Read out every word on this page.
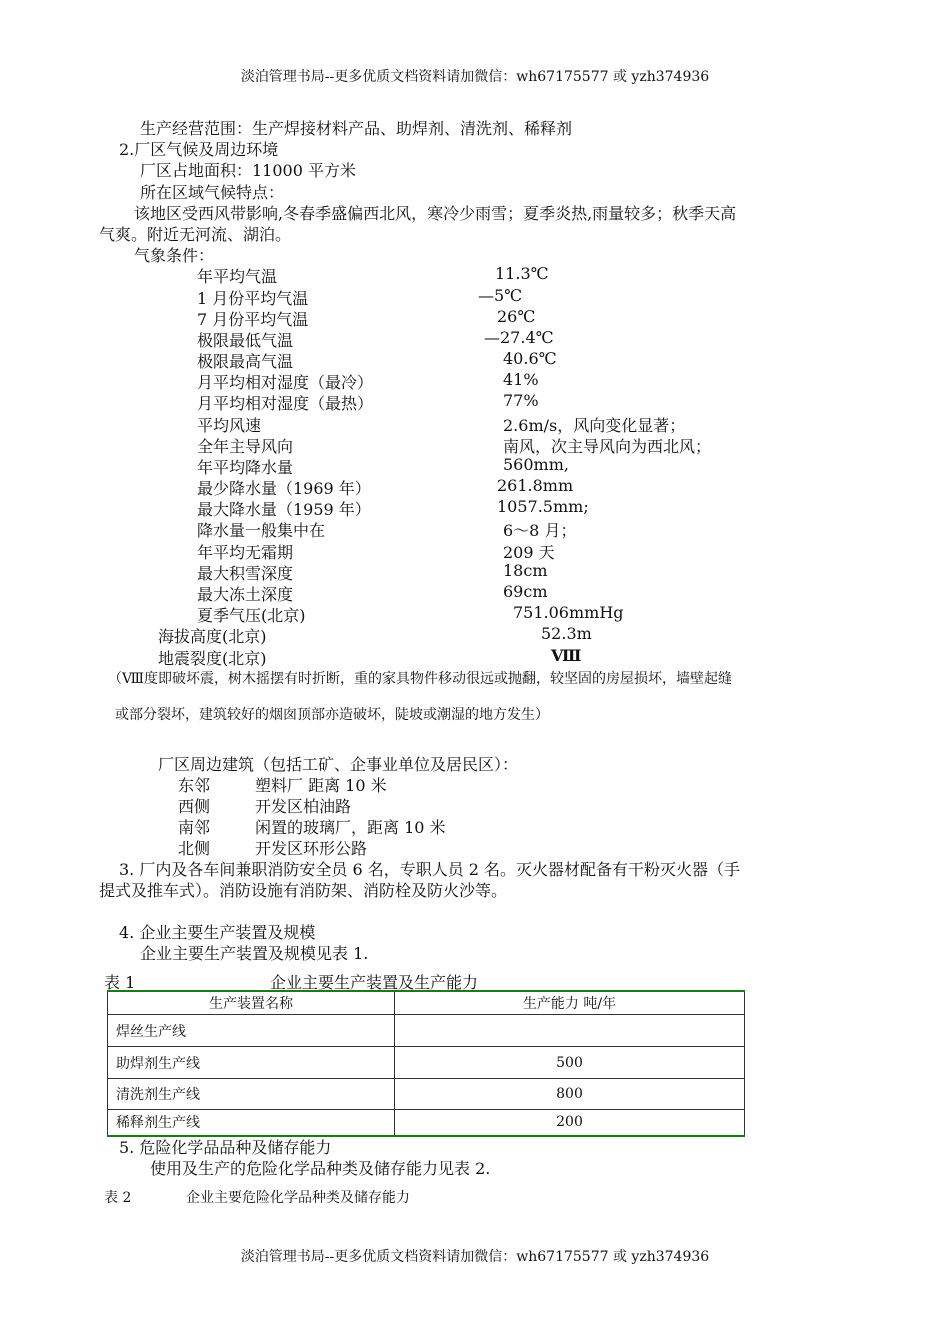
淡泊管理书局--更多优质文档资料请加微信：wh67175577 或 yzh374936
生产经营范围：生产焊接材料产品、助焊剂、清洗剂、稀释剂
2.厂区气候及周边环境
厂区占地面积：11000 平方米
所在区域气候特点：
该地区受西风带影响,冬春季盛偏西北风，寒冷少雨雪；夏季炎热,雨量较多；秋季天高
气爽。附近无河流、湖泊。
气象条件：
年平均气温	11.3℃
1 月份平均气温	—5℃
7 月份平均气温	26℃
极限最低气温	—27.4℃
极限最高气温	40.6℃
月平均相对湿度（最冷）	41%
月平均相对湿度（最热）	77%
平均风速	2.6m/s，风向变化显著；
全年主导风向	南风，次主导风向为西北风；
年平均降水量	560mm,
最少降水量（1969 年）	261.8mm
最大降水量（1959 年）	1057.5mm;
降水量一般集中在	6～8 月；
年平均无霜期	209 天
最大积雪深度	18cm
最大冻土深度	69cm
夏季气压(北京)	751.06mmHg
海拔高度(北京)	52.3m
地震裂度(北京)	Ⅷ
（Ⅷ度即破坏震，树木摇摆有时折断，重的家具物件移动很远或抛翻，较坚固的房屋损坏，墙壁起缝
或部分裂坏，建筑较好的烟囱顶部亦造破坏，陡坡或潮湿的地方发生）
厂区周边建筑（包括工矿、企事业单位及居民区）：
东邻	塑料厂 距离 10 米
西侧	开发区柏油路
南邻	闲置的玻璃厂，距离 10 米
北侧	开发区环形公路
3. 厂内及各车间兼职消防安全员 6 名，专职人员 2 名。灭火器材配备有干粉灭火器（手
提式及推车式）。消防设施有消防架、消防栓及防火沙等。
4. 企业主要生产装置及规模
企业主要生产装置及规模见表 1.
表 1	企业主要生产装置及生产能力
生产装置名称	生产能力 吨/年
焊丝生产线	
助焊剂生产线	500
清洗剂生产线	800
稀释剂生产线	200
5. 危险化学品品种及储存能力
使用及生产的危险化学品种类及储存能力见表 2.
表 2	企业主要危险化学品种类及储存能力
淡泊管理书局--更多优质文档资料请加微信：wh67175577 或 yzh374936
